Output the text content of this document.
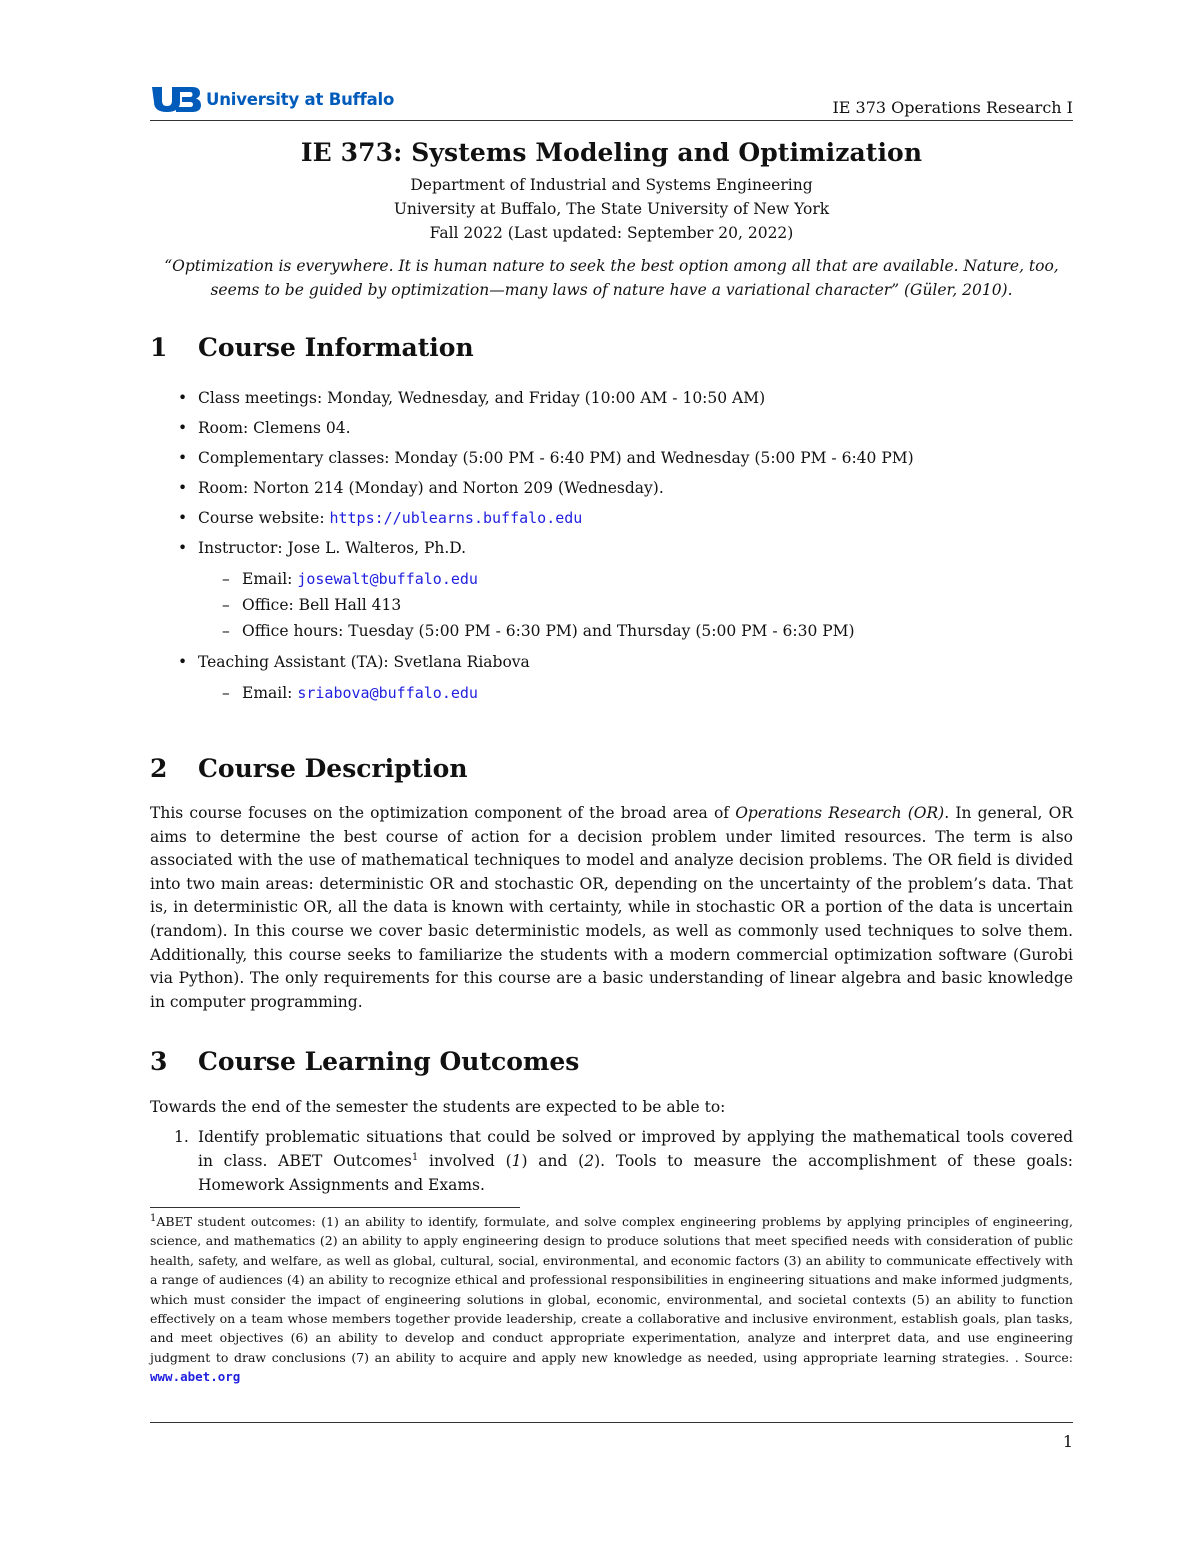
University at Buffalo	IE 373 Operations Research I
IE 373: Systems Modeling and Optimization
Department of Industrial and Systems Engineering
University at Buffalo, The State University of New York
Fall 2022 (Last updated: September 20, 2022)
“Optimization is everywhere. It is human nature to seek the best option among all that are available. Nature, too, seems to be guided by optimization—many laws of nature have a variational character” (Güler, 2010).
1	Course Information
• Class meetings: Monday, Wednesday, and Friday (10:00 AM - 10:50 AM)
• Room: Clemens 04.
• Complementary classes: Monday (5:00 PM - 6:40 PM) and Wednesday (5:00 PM - 6:40 PM)
• Room: Norton 214 (Monday) and Norton 209 (Wednesday).
• Course website: https://ublearns.buffalo.edu
• Instructor: Jose L. Walteros, Ph.D.
– Email: josewalt@buffalo.edu
– Office: Bell Hall 413
– Office hours: Tuesday (5:00 PM - 6:30 PM) and Thursday (5:00 PM - 6:30 PM)
• Teaching Assistant (TA): Svetlana Riabova
– Email: sriabova@buffalo.edu
2	Course Description
This course focuses on the optimization component of the broad area of Operations Research (OR). In general, OR aims to determine the best course of action for a decision problem under limited resources. The term is also associated with the use of mathematical techniques to model and analyze decision problems. The OR field is divided into two main areas: deterministic OR and stochastic OR, depending on the uncertainty of the problem’s data. That is, in deterministic OR, all the data is known with certainty, while in stochastic OR a portion of the data is uncertain (random). In this course we cover basic deterministic models, as well as commonly used techniques to solve them. Additionally, this course seeks to familiarize the students with a modern commercial optimization software (Gurobi via Python). The only requirements for this course are a basic understanding of linear algebra and basic knowledge in computer programming.
3	Course Learning Outcomes
Towards the end of the semester the students are expected to be able to:
1. Identify problematic situations that could be solved or improved by applying the mathematical tools covered in class. ABET Outcomes$^1$ involved (1) and (2). Tools to measure the accomplishment of these goals: Homework Assignments and Exams.
$^1$ABET student outcomes: (1) an ability to identify, formulate, and solve complex engineering problems by applying principles of engineering, science, and mathematics (2) an ability to apply engineering design to produce solutions that meet specified needs with consideration of public health, safety, and welfare, as well as global, cultural, social, environmental, and economic factors (3) an ability to communicate effectively with a range of audiences (4) an ability to recognize ethical and professional responsibilities in engineering situations and make informed judgments, which must consider the impact of engineering solutions in global, economic, environmental, and societal contexts (5) an ability to function effectively on a team whose members together provide leadership, create a collaborative and inclusive environment, establish goals, plan tasks, and meet objectives (6) an ability to develop and conduct appropriate experimentation, analyze and interpret data, and use engineering judgment to draw conclusions (7) an ability to acquire and apply new knowledge as needed, using appropriate learning strategies. . Source: www.abet.org
1
